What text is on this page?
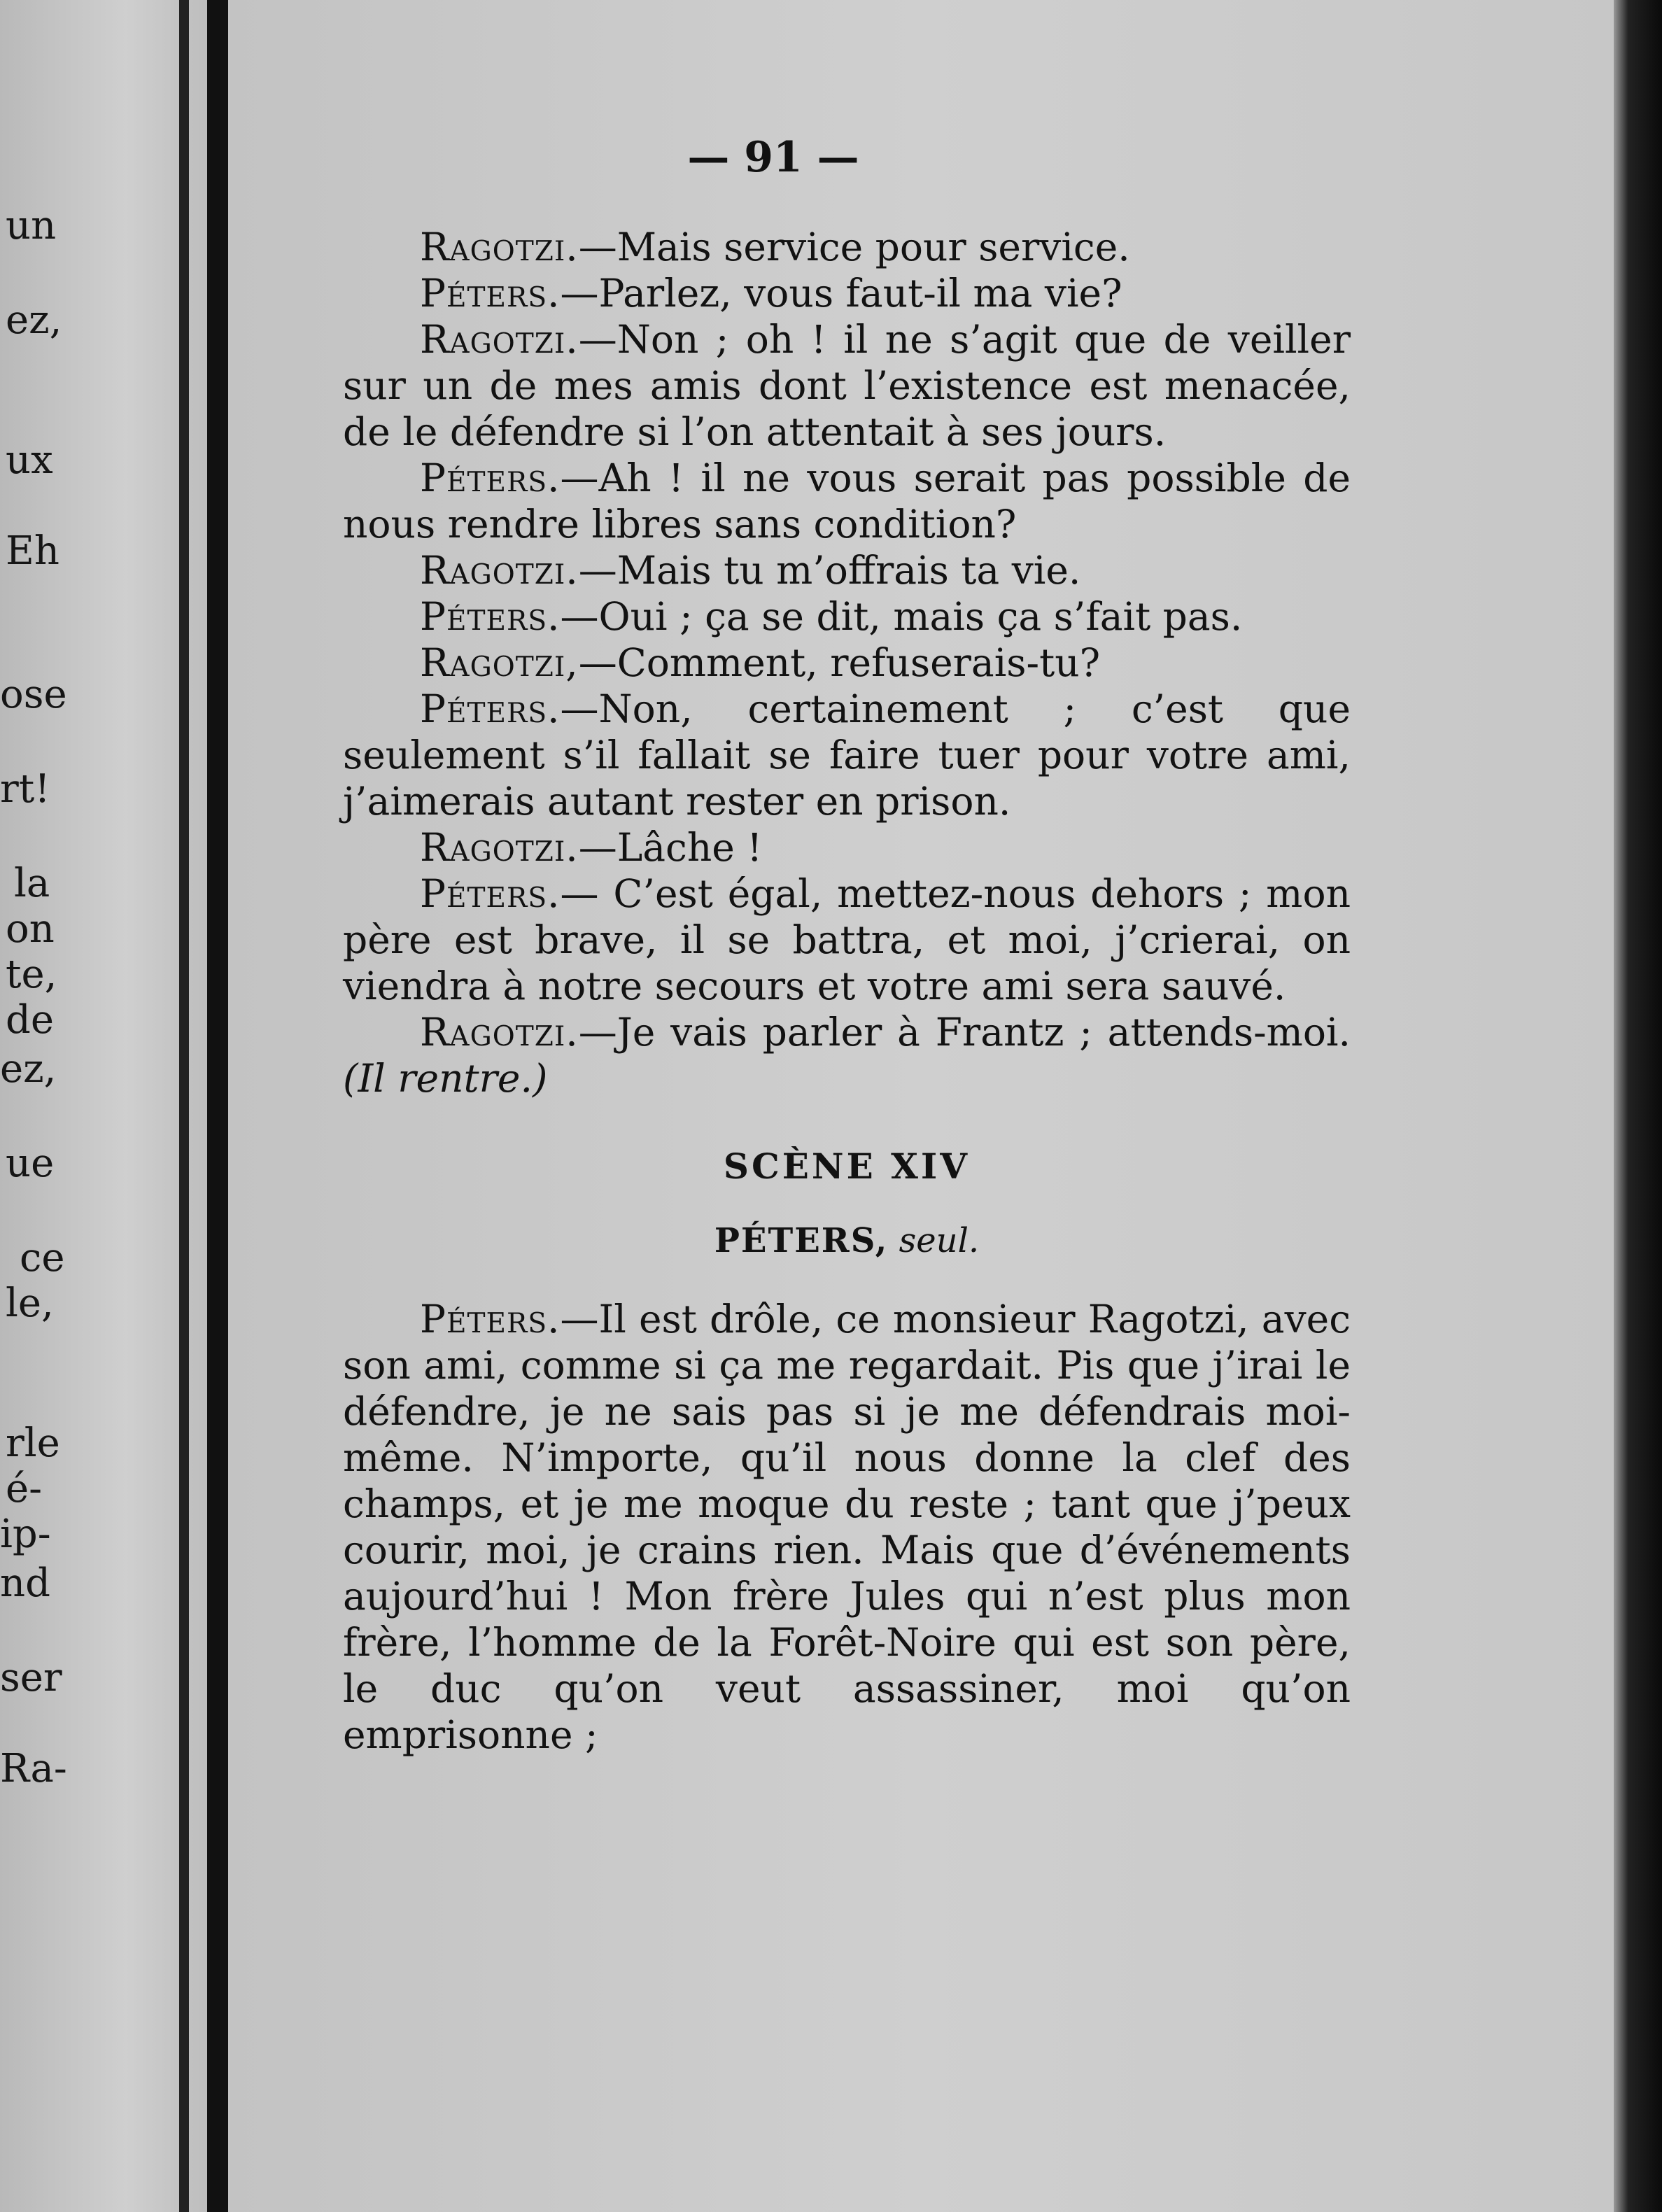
un
ez,
ux
Eh
ose
rt!
la
on
te,
de
ez,
ue
ce
le,
rle
é-
ip-
nd
ser
Ra-
— 91 —

Ragotzi.—Mais service pour service.

Péters.—Parlez, vous faut-il ma vie?

Ragotzi.—Non ; oh ! il ne s’agit que de veiller sur un de mes amis dont l’existence est menacée, de le défendre si l’on attentait à ses jours.

Péters.—Ah ! il ne vous serait pas possible de nous rendre libres sans condition?

Ragotzi.—Mais tu m’offrais ta vie.

Péters.—Oui ; ça se dit, mais ça s’fait pas.

Ragotzi,—Comment, refuserais-tu?

Péters.—Non, certainement ; c’est que seulement s’il fallait se faire tuer pour votre ami, j’aimerais autant rester en prison.

Ragotzi.—Lâche !

Péters.— C’est égal, mettez-nous dehors ; mon père est brave, il se battra, et moi, j’crierai, on viendra à notre secours et votre ami sera sauvé.

Ragotzi.—Je vais parler à Frantz ; attends-moi. (Il rentre.)

SCÈNE XIV

PÉTERS, seul.

Péters.—Il est drôle, ce monsieur Ragotzi, avec son ami, comme si ça me regardait. Pis que j’irai le défendre, je ne sais pas si je me défendrais moi-même. N’importe, qu’il nous donne la clef des champs, et je me moque du reste ; tant que j’peux courir, moi, je crains rien. Mais que d’événements aujourd’hui ! Mon frère Jules qui n’est plus mon frère, l’homme de la Forêt-Noire qui est son père, le duc qu’on veut assassiner, moi qu’on emprisonne ;
